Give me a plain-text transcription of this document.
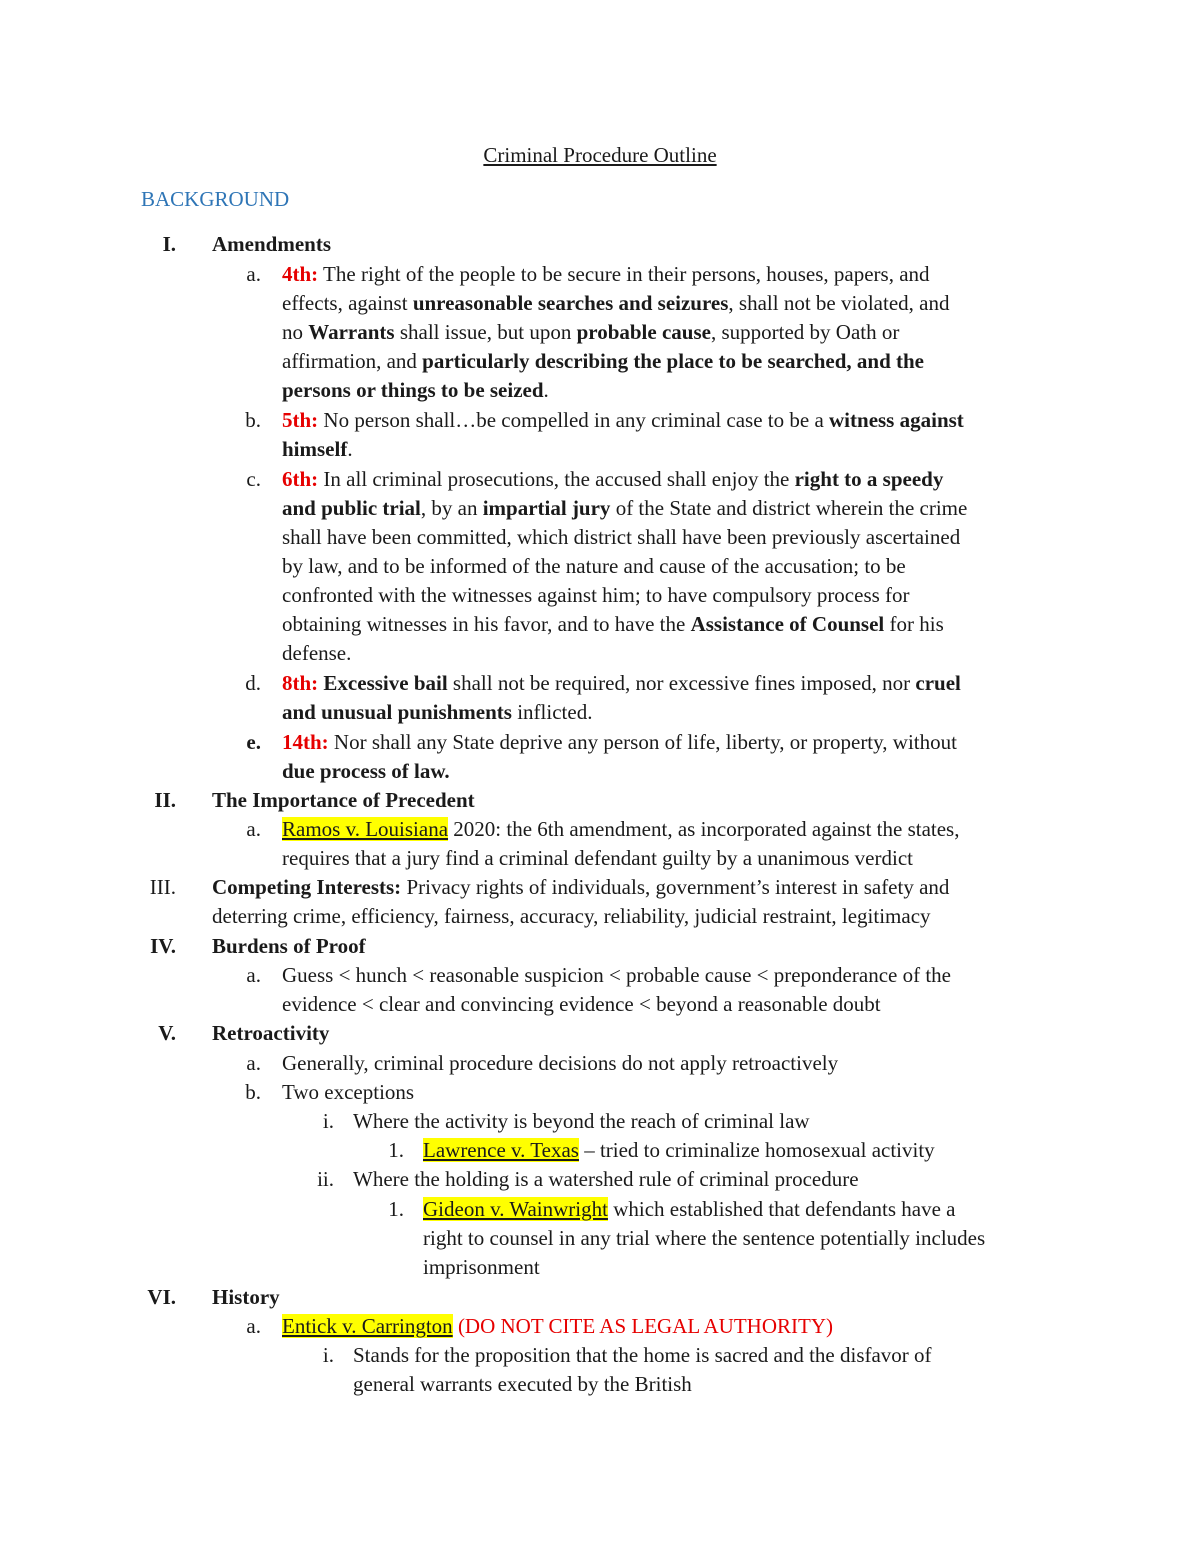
Criminal Procedure Outline
BACKGROUND
I. Amendments
a. 4th: The right of the people to be secure in their persons, houses, papers, and
effects, against unreasonable searches and seizures, shall not be violated, and
no Warrants shall issue, but upon probable cause, supported by Oath or
affirmation, and particularly describing the place to be searched, and the
persons or things to be seized.
b. 5th: No person shall…be compelled in any criminal case to be a witness against
himself.
c. 6th: In all criminal prosecutions, the accused shall enjoy the right to a speedy
and public trial, by an impartial jury of the State and district wherein the crime
shall have been committed, which district shall have been previously ascertained
by law, and to be informed of the nature and cause of the accusation; to be
confronted with the witnesses against him; to have compulsory process for
obtaining witnesses in his favor, and to have the Assistance of Counsel for his
defense.
d. 8th: Excessive bail shall not be required, nor excessive fines imposed, nor cruel
and unusual punishments inflicted.
e. 14th: Nor shall any State deprive any person of life, liberty, or property, without
due process of law.
II. The Importance of Precedent
a. Ramos v. Louisiana 2020: the 6th amendment, as incorporated against the states,
requires that a jury find a criminal defendant guilty by a unanimous verdict
III. Competing Interests: Privacy rights of individuals, government’s interest in safety and
deterring crime, efficiency, fairness, accuracy, reliability, judicial restraint, legitimacy
IV. Burdens of Proof
a. Guess < hunch < reasonable suspicion < probable cause < preponderance of the
evidence < clear and convincing evidence < beyond a reasonable doubt
V. Retroactivity
a. Generally, criminal procedure decisions do not apply retroactively
b. Two exceptions
i. Where the activity is beyond the reach of criminal law
1. Lawrence v. Texas – tried to criminalize homosexual activity
ii. Where the holding is a watershed rule of criminal procedure
1. Gideon v. Wainwright which established that defendants have a
right to counsel in any trial where the sentence potentially includes
imprisonment
VI. History
a. Entick v. Carrington (DO NOT CITE AS LEGAL AUTHORITY)
i. Stands for the proposition that the home is sacred and the disfavor of
general warrants executed by the British
